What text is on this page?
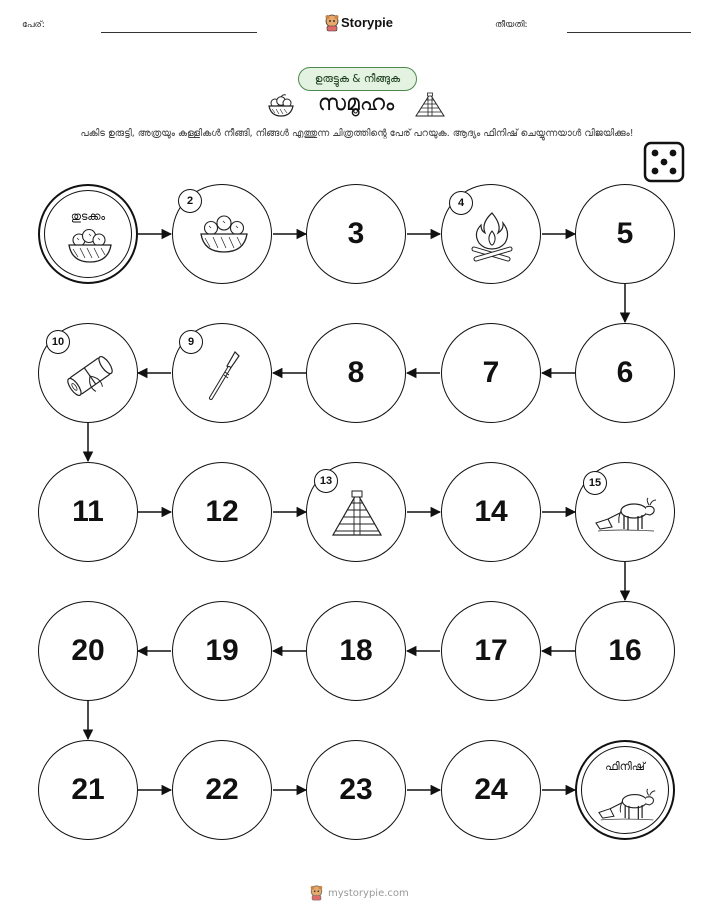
പേര്:	Storypie	തീയതി:
ഉരുട്ടുക & നീങ്ങുക
സമൂഹം
പകിട ഉരുട്ടി, അത്രയും കള്ളികൾ നീങ്ങി, നിങ്ങൾ എത്തുന്ന ചിത്രത്തിന്റെ പേര് പറയുക. ആദ്യം ഫിനിഷ് ചെയ്യുന്നയാൾ വിജയിക്കും!
തുടക്കം
2
3
4
5
10	9
8	7	6
11	12
13
14
15
20	19	18	17	16
21	22	23	24
ഫിനിഷ്
mystorypie.com
